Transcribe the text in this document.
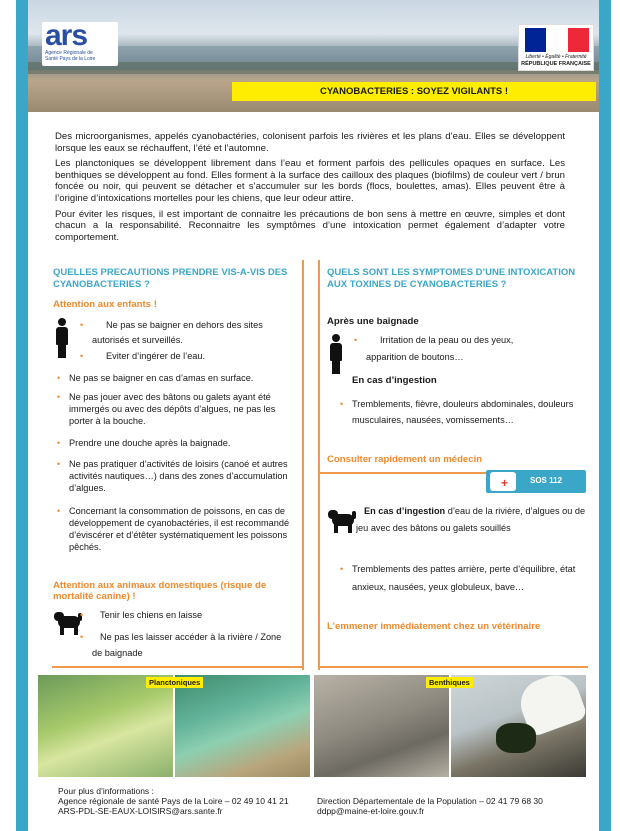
ars
Agence Régionale de Santé Pays de la Loire	Liberté • Égalité • Fraternité
RÉPUBLIQUE FRANÇAISE
CYANOBACTERIES : SOYEZ VIGILANTS !

Des microorganismes, appelés cyanobactéries, colonisent parfois les rivières et les plans d’eau. Elles se développent lorsque les eaux se réchauffent, l’été et l’automne.

Les planctoniques se développent librement dans l’eau et forment parfois des pellicules opaques en surface. Les benthiques se développent au fond. Elles forment à la surface des cailloux des plaques (biofilms) de couleur vert / brun foncée ou noir, qui peuvent se détacher et s’accumuler sur les bords (flocs, boulettes, amas). Elles peuvent être à l’origine d’intoxications mortelles pour les chiens, que leur odeur attire.

Pour éviter les risques, il est important de connaitre les précautions de bon sens à mettre en œuvre, simples et dont chacun a la responsabilité. Reconnaitre les symptômes d’une intoxication permet également d’adapter votre comportement.

QUELLES PRECAUTIONS PRENDRE VIS-A-VIS DES CYANOBACTERIES ?
Attention aux enfants !
• Ne pas se baigner en dehors des sites autorisés et surveillés.
• Eviter d’ingérer de l’eau.
• Ne pas se baigner en cas d’amas en surface.
• Ne pas jouer avec des bâtons ou galets ayant été immergés ou avec des dépôts d’algues, ne pas les porter à la bouche.
• Prendre une douche après la baignade.
• Ne pas pratiquer d’activités de loisirs (canoé et autres activités nautiques…) dans des zones d’accumulation d’algues.
• Concernant la consommation de poissons, en cas de développement de cyanobactéries, il est recommandé d’éviscérer et d’étêter systématiquement les poissons pêchés.
Attention aux animaux domestiques (risque de mortalité canine) !
• Tenir les chiens en laisse
• Ne pas les laisser accéder à la rivière / Zone de baignade
QUELS SONT LES SYMPTOMES D’UNE INTOXICATION AUX TOXINES DE CYANOBACTERIES ?
Après une baignade
• Irritation de la peau ou des yeux, apparition de boutons…
En cas d’ingestion
• Tremblements, fièvre, douleurs abdominales, douleurs musculaires, nausées, vomissements…
Consulter rapidement un médecin
+	SOS 112
En cas d’ingestion d’eau de la rivière, d’algues ou de jeu avec des bâtons ou galets souillés
• Tremblements des pattes arrière, perte d’équilibre, état anxieux, nausées, yeux globuleux, bave…
L’emmener immédiatement chez un vétérinaire
Planctoniques	Benthiques
Pour plus d’informations :
Agence régionale de santé Pays de la Loire – 02 49 10 41 21
ARS-PDL-SE-EAUX-LOISIRS@ars.sante.fr
Direction Départementale de la Population – 02 41 79 68 30
ddpp@maine-et-loire.gouv.fr
